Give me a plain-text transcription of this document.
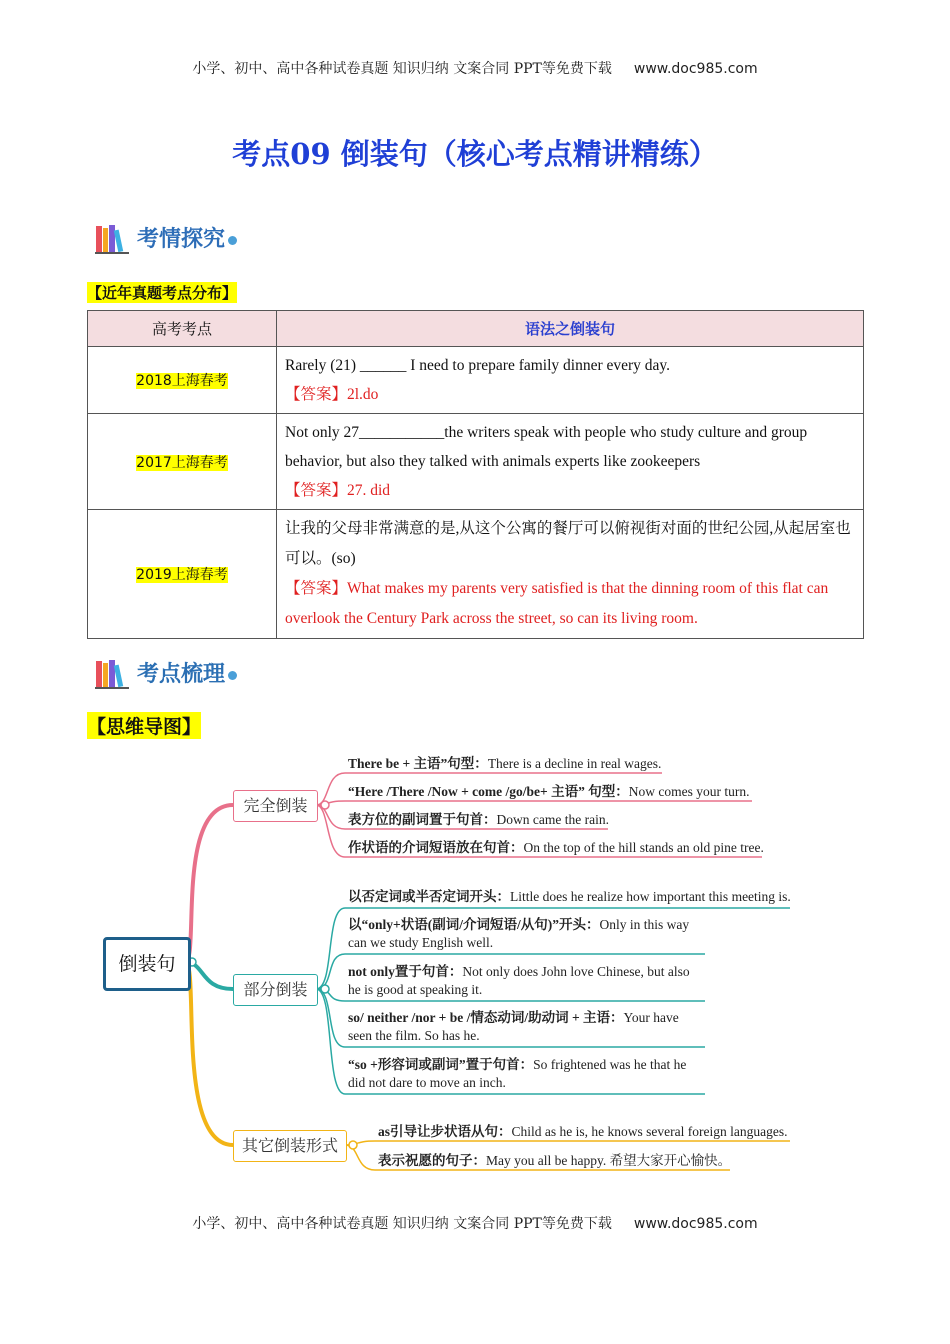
小学、初中、高中各种试卷真题 知识归纳 文案合同 PPT等免费下载 www.doc985.com
考点09 倒装句（核心考点精讲精练）
考情探究
【近年真题考点分布】
高考考点	语法之倒装句
2018上海春考	Rarely (21) ______ I need to prepare family dinner every day.
【答案】2l.do

2017上海春考	Not only 27___________the writers speak with people who study culture and group behavior, but also they talked with animals experts like zookeepers
【答案】27. did

2019上海春考	让我的父母非常满意的是,从这个公寓的餐厅可以俯视街对面的世纪公园,从起居室也可以。(so)
【答案】What makes my parents very satisfied is that the dinning room of this flat can overlook the Century Park across the street, so can its living room.
考点梳理
【思维导图】
倒装句
完全倒装
部分倒装
其它倒装形式
There be + 主语”句型：There is a decline in real wages.
“Here /There /Now + come /go/be+ 主语” 句型：Now comes your turn.
表方位的副词置于句首：Down came the rain.
作状语的介词短语放在句首：On the top of the hill stands an old pine tree.
以否定词或半否定词开头：Little does he realize how important this meeting is.
以“only+状语(副词/介词短语/从句)”开头：Only in this way can we study English well.
not only置于句首：Not only does John love Chinese, but also he is good at speaking it.
so/ neither /nor + be /情态动词/助动词 + 主语：Your have seen the film. So has he.
“so +形容词或副词”置于句首：So frightened was he that he did not dare to move an inch.
as引导让步状语从句：Child as he is, he knows several foreign languages.
表示祝愿的句子：May you all be happy. 希望大家开心愉快。
小学、初中、高中各种试卷真题 知识归纳 文案合同 PPT等免费下载 www.doc985.com
